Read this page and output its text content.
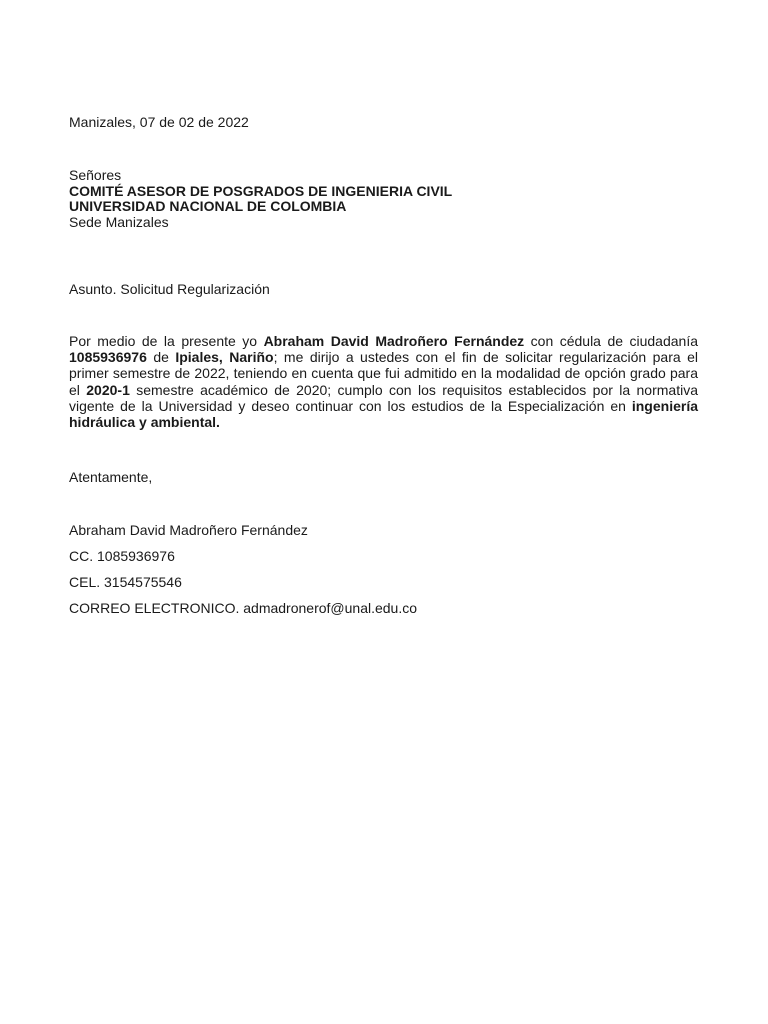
Manizales, 07 de 02 de 2022
Señores
COMITÉ ASESOR DE POSGRADOS DE INGENIERIA CIVIL
UNIVERSIDAD NACIONAL DE COLOMBIA
Sede Manizales
Asunto. Solicitud Regularización
Por medio de la presente yo Abraham David Madroñero Fernández con cédula de ciudadanía 1085936976 de Ipiales, Nariño; me dirijo a ustedes con el fin de solicitar regularización para el primer semestre de 2022, teniendo en cuenta que fui admitido en la modalidad de opción grado para el 2020-1 semestre académico de 2020; cumplo con los requisitos establecidos por la normativa vigente de la Universidad y deseo continuar con los estudios de la Especialización en ingeniería hidráulica y ambiental.
Atentamente,
Abraham David Madroñero Fernández
CC. 1085936976
CEL. 3154575546
CORREO ELECTRONICO. admadronerof@unal.edu.co
